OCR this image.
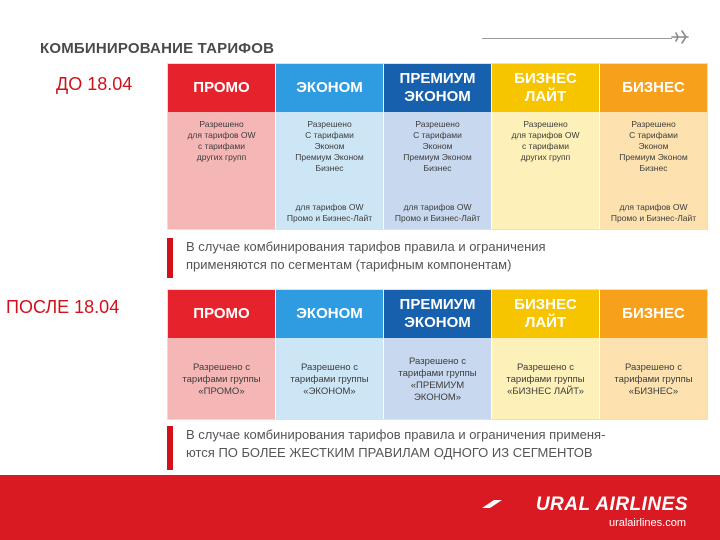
КОМБИНИРОВАНИЕ ТАРИФОВ
ДО 18.04	ПРОМО
Разрешено
для тарифов OW
с тарифами
других групп
ЭКОНОМ
Разрешено
С тарифами
Эконом
Премиум Эконом
Бизнес
для тарифов OW
Промо и Бизнес-Лайт
ПРЕМИУМ
ЭКОНОМ
Разрешено
С тарифами
Эконом
Премиум Эконом
Бизнес
для тарифов OW
Промо и Бизнес-Лайт
БИЗНЕС
ЛАЙТ
Разрешено
для тарифов OW
с тарифами
других групп
БИЗНЕС
Разрешено
С тарифами
Эконом
Премиум Эконом
Бизнес
для тарифов OW
Промо и Бизнес-Лайт
В случае комбинирования тарифов правила и ограничения
применяются по сегментам (тарифным компонентам)
ПОСЛЕ 18.04	ПРОМО
Разрешено с
тарифами группы
«ПРОМО»
ЭКОНОМ
Разрешено с
тарифами группы
«ЭКОНОМ»
ПРЕМИУМ
ЭКОНОМ
Разрешено с
тарифами группы
«ПРЕМИУМ ЭКОНОМ»
БИЗНЕС
ЛАЙТ
Разрешено с
тарифами группы
«БИЗНЕС ЛАЙТ»
БИЗНЕС
Разрешено с
тарифами группы
«БИЗНЕС»
В случае комбинирования тарифов правила и ограничения применя-
ются ПО БОЛЕЕ ЖЕСТКИМ ПРАВИЛАМ ОДНОГО ИЗ СЕГМЕНТОВ
URAL AIRLINES
uralairlines.com
